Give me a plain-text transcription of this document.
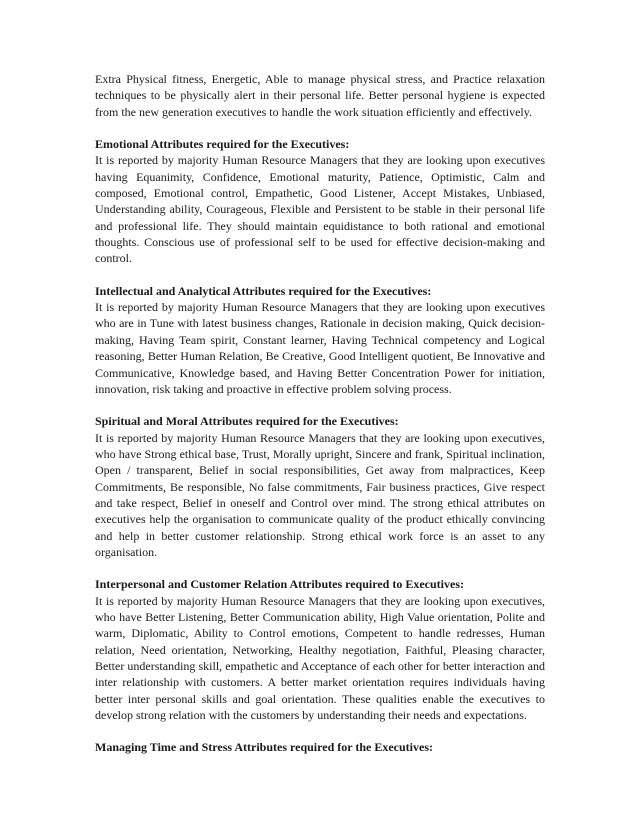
Extra Physical fitness, Energetic, Able to manage physical stress, and Practice relaxation techniques to be physically alert in their personal life. Better personal hygiene is expected from the new generation executives to handle the work situation efficiently and effectively.

Emotional Attributes required for the Executives:

It is reported by majority Human Resource Managers that they are looking upon executives having Equanimity, Confidence, Emotional maturity, Patience, Optimistic, Calm and composed, Emotional control, Empathetic, Good Listener, Accept Mistakes, Unbiased, Understanding ability, Courageous, Flexible and Persistent to be stable in their personal life and professional life. They should maintain equidistance to both rational and emotional thoughts. Conscious use of professional self to be used for effective decision-making and control.

Intellectual and Analytical Attributes required for the Executives:

It is reported by majority Human Resource Managers that they are looking upon executives who are in Tune with latest business changes, Rationale in decision making, Quick decision-making, Having Team spirit, Constant learner, Having Technical competency and Logical reasoning, Better Human Relation, Be Creative, Good Intelligent quotient, Be Innovative and Communicative, Knowledge based, and Having Better Concentration Power for initiation, innovation, risk taking and proactive in effective problem solving process.

Spiritual and Moral Attributes required for the Executives:

It is reported by majority Human Resource Managers that they are looking upon executives, who have Strong ethical base, Trust, Morally upright, Sincere and frank, Spiritual inclination, Open / transparent, Belief in social responsibilities, Get away from malpractices, Keep Commitments, Be responsible, No false commitments, Fair business practices, Give respect and take respect, Belief in oneself and Control over mind. The strong ethical attributes on executives help the organisation to communicate quality of the product ethically convincing and help in better customer relationship. Strong ethical work force is an asset to any organisation.

Interpersonal and Customer Relation Attributes required to Executives:

It is reported by majority Human Resource Managers that they are looking upon executives, who have Better Listening, Better Communication ability, High Value orientation, Polite and warm, Diplomatic, Ability to Control emotions, Competent to handle redresses, Human relation, Need orientation, Networking, Healthy negotiation, Faithful, Pleasing character, Better understanding skill, empathetic and Acceptance of each other for better interaction and inter relationship with customers. A better market orientation requires individuals having better inter personal skills and goal orientation. These qualities enable the executives to develop strong relation with the customers by understanding their needs and expectations.

Managing Time and Stress Attributes required for the Executives:
